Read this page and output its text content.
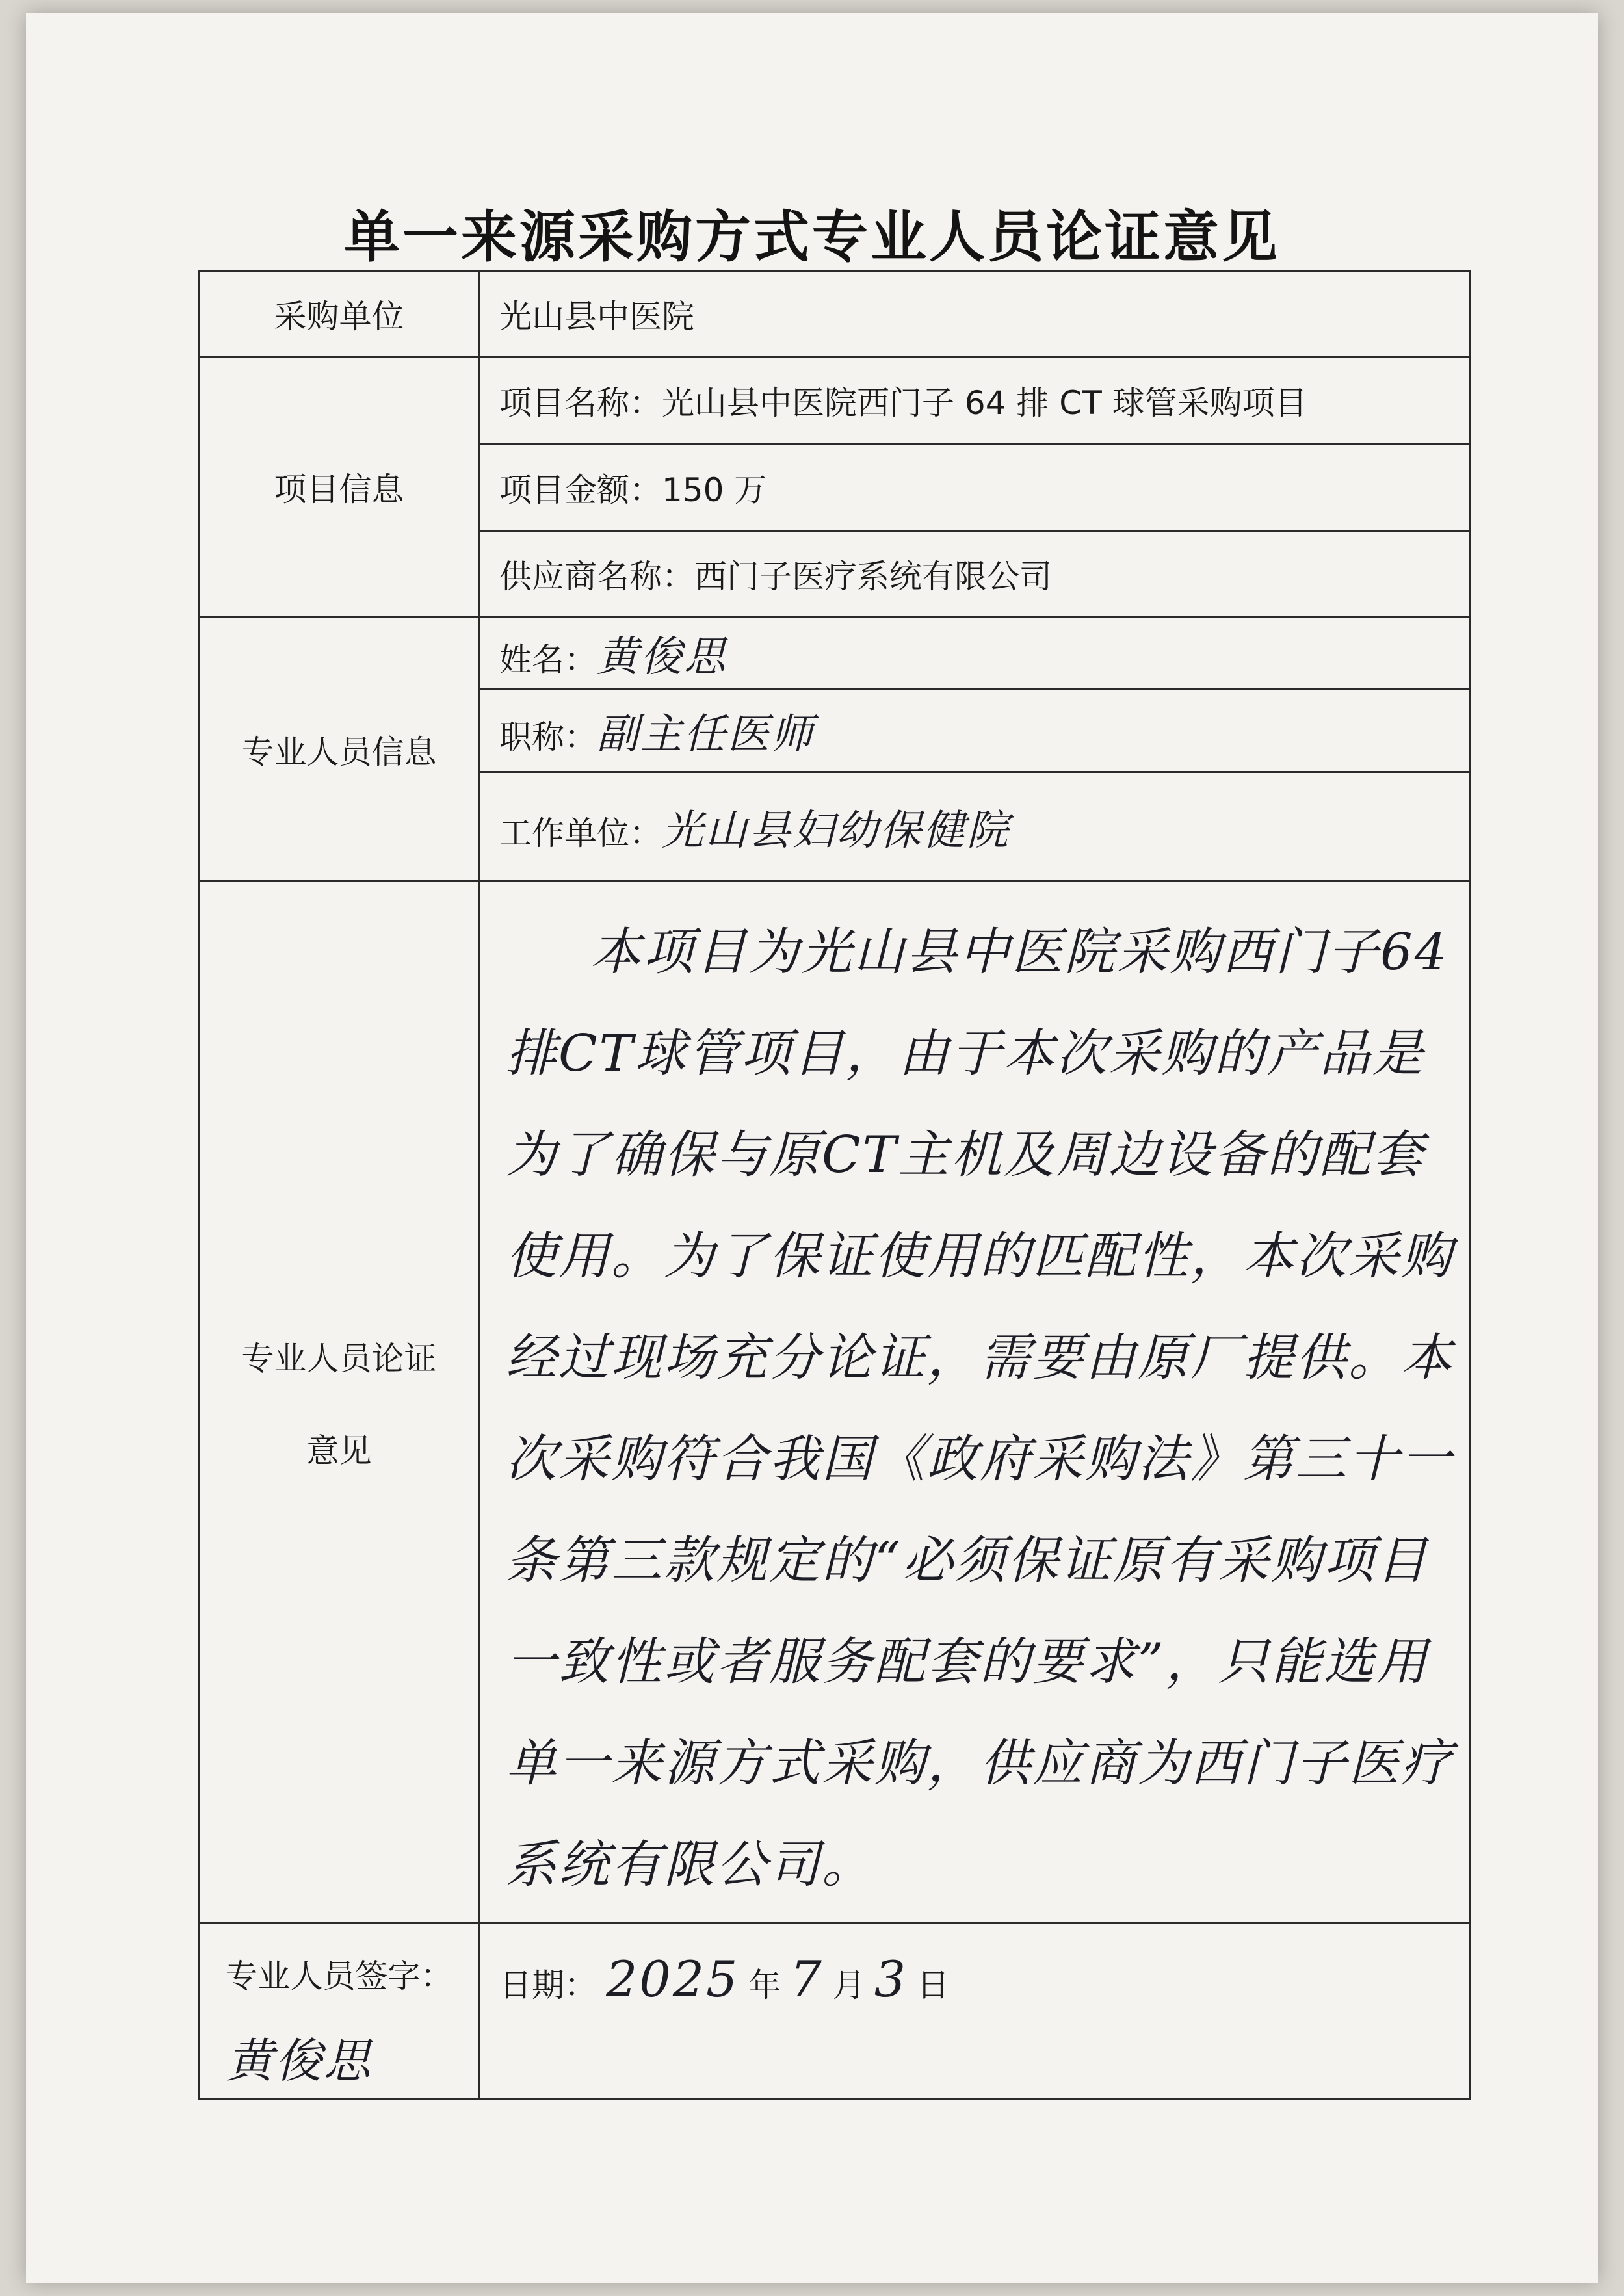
单一来源采购方式专业人员论证意见
采购单位	光山县中医院
项目信息	项目名称：光山县中医院西门子 64 排 CT 球管采购项目
	项目金额：150 万
	供应商名称：西门子医疗系统有限公司
专业人员信息	姓名：黄俊思
	职称：副主任医师
	工作单位：光山县妇幼保健院

专业人员论证
意见	本项目为光山县中医院采购西门子64排CT球管项目，由于本次采购的产品是为了确保与原CT主机及周边设备的配套使用。为了保证使用的匹配性，本次采购经过现场充分论证，需要由原厂提供。本次采购符合我国《政府采购法》第三十一条第三款规定的“必须保证原有采购项目一致性或者服务配套的要求”，只能选用单一来源方式采购，供应商为西门子医疗系统有限公司。

专业人员签字：
黄俊思	日期： 2025 年 7 月 3 日
